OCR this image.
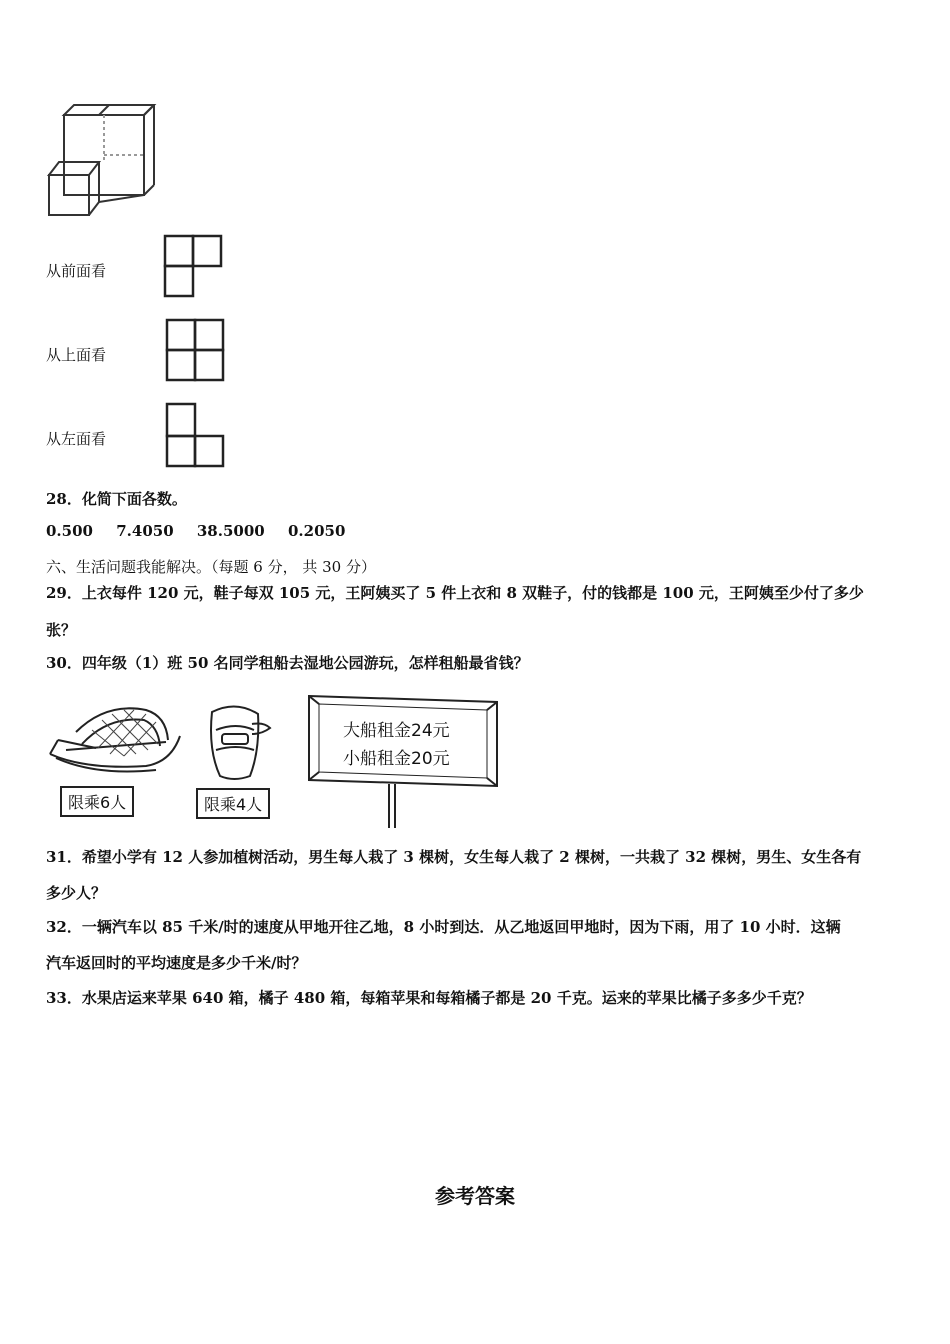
从前面看
从上面看
从左面看
28．化简下面各数。
0.500 7.4050 38.5000 0.2050
六、生活问题我能解决。（每题 6 分， 共 30 分）
29．上衣每件 120 元，鞋子每双 105 元，王阿姨买了 5 件上衣和 8 双鞋子，付的钱都是 100 元，王阿姨至少付了多少
张？
30．四年级（1）班 50 名同学租船去湿地公园游玩，怎样租船最省钱？
限乘6人	限乘4人
大船租金24元
小船租金20元
31．希望小学有 12 人参加植树活动，男生每人栽了 3 棵树，女生每人栽了 2 棵树，一共栽了 32 棵树，男生、女生各有
多少人？
32．一辆汽车以 85 千米/时的速度从甲地开往乙地，8 小时到达．从乙地返回甲地时，因为下雨，用了 10 小时．这辆
汽车返回时的平均速度是多少千米/时？
33．水果店运来苹果 640 箱，橘子 480 箱，每箱苹果和每箱橘子都是 20 千克。运来的苹果比橘子多多少千克？
参考答案
